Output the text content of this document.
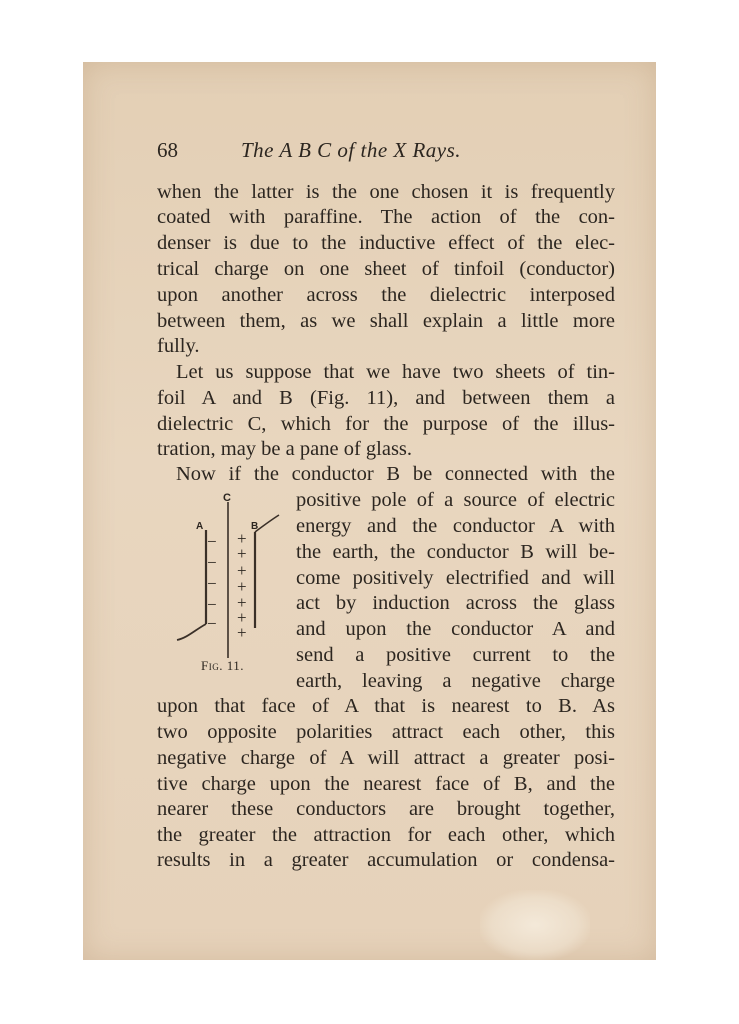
68	The A B C of the X Rays.
when the latter is the one chosen it is frequently
coated with paraffine. The action of the con-
denser is due to the inductive effect of the elec-
trical charge on one sheet of tinfoil (conductor)
upon another across the dielectric interposed
between them, as we shall explain a little more
fully.
Let us suppose that we have two sheets of tin-
foil A and B (Fig. 11), and between them a
dielectric C, which for the purpose of the illus-
tration, may be a pane of glass.
Now if the conductor B be connected with the
positive pole of a source of electric
energy and the conductor A with
the earth, the conductor B will be-
come positively electrified and will
act by induction across the glass
and upon the conductor A and
send a positive current to the
earth, leaving a negative charge
upon that face of A that is nearest to B. As
two opposite polarities attract each other, this
negative charge of A will attract a greater posi-
tive charge upon the nearest face of B, and the
nearer these conductors are brought together,
the greater the attraction for each other, which
results in a greater accumulation or condensa-
C
A	B
−
−
−
−
−
+
+
+
+
+
+
+
Fig. 11.
